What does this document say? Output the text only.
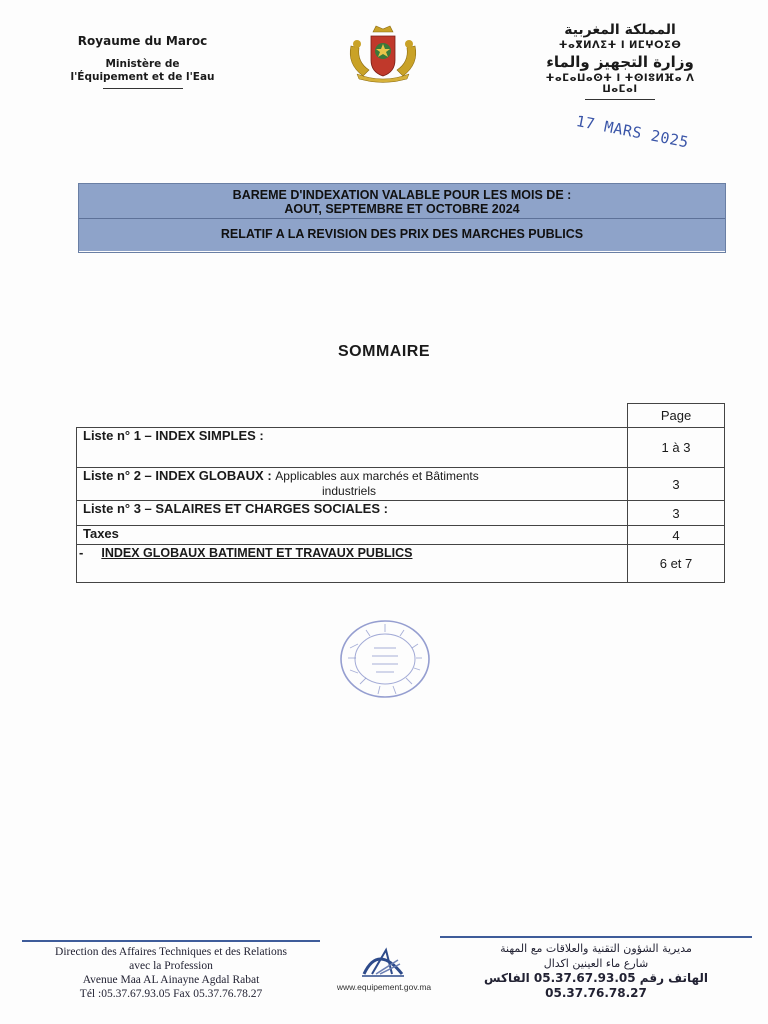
Royaume du Maroc
Ministère de
l'Équipement et de l'Eau
المملكة المغربية
ⵜⴰⴳⵍⴷⵉⵜ ⵏ ⵍⵎⵖⵔⵉⴱ
وزارة التجهيز والماء
ⵜⴰⵎⴰⵡⴰⵙⵜ ⵏ ⵜⵙⵏⵓⵍⴼⴰ ⴷ ⵡⴰⵎⴰⵏ
17 MARS 2025
BAREME D'INDEXATION VALABLE POUR LES MOIS DE :
AOUT, SEPTEMBRE ET OCTOBRE 2024
RELATIF A LA REVISION DES PRIX DES MARCHES PUBLICS
SOMMAIRE
	Page
Liste n° 1 – INDEX SIMPLES :	1 à 3
Liste n° 2 – INDEX GLOBAUX : Applicables aux marchés et Bâtiments
industriels	3
Liste n° 3 – SALAIRES ET CHARGES SOCIALES :	3
Taxes	4
- INDEX GLOBAUX BATIMENT ET TRAVAUX PUBLICS	6 et 7
Direction des Affaires Techniques et des Relations
avec la Profession
Avenue Maa AL Ainayne Agdal Rabat
Tél :05.37.67.93.05 Fax 05.37.76.78.27
www.equipement.gov.ma
مديرية الشؤون التقنية والعلاقات مع المهنة
شارع ماء العينين اكدال
الهاتف رقم 05.37.67.93.05 الفاكس 05.37.76.78.27
